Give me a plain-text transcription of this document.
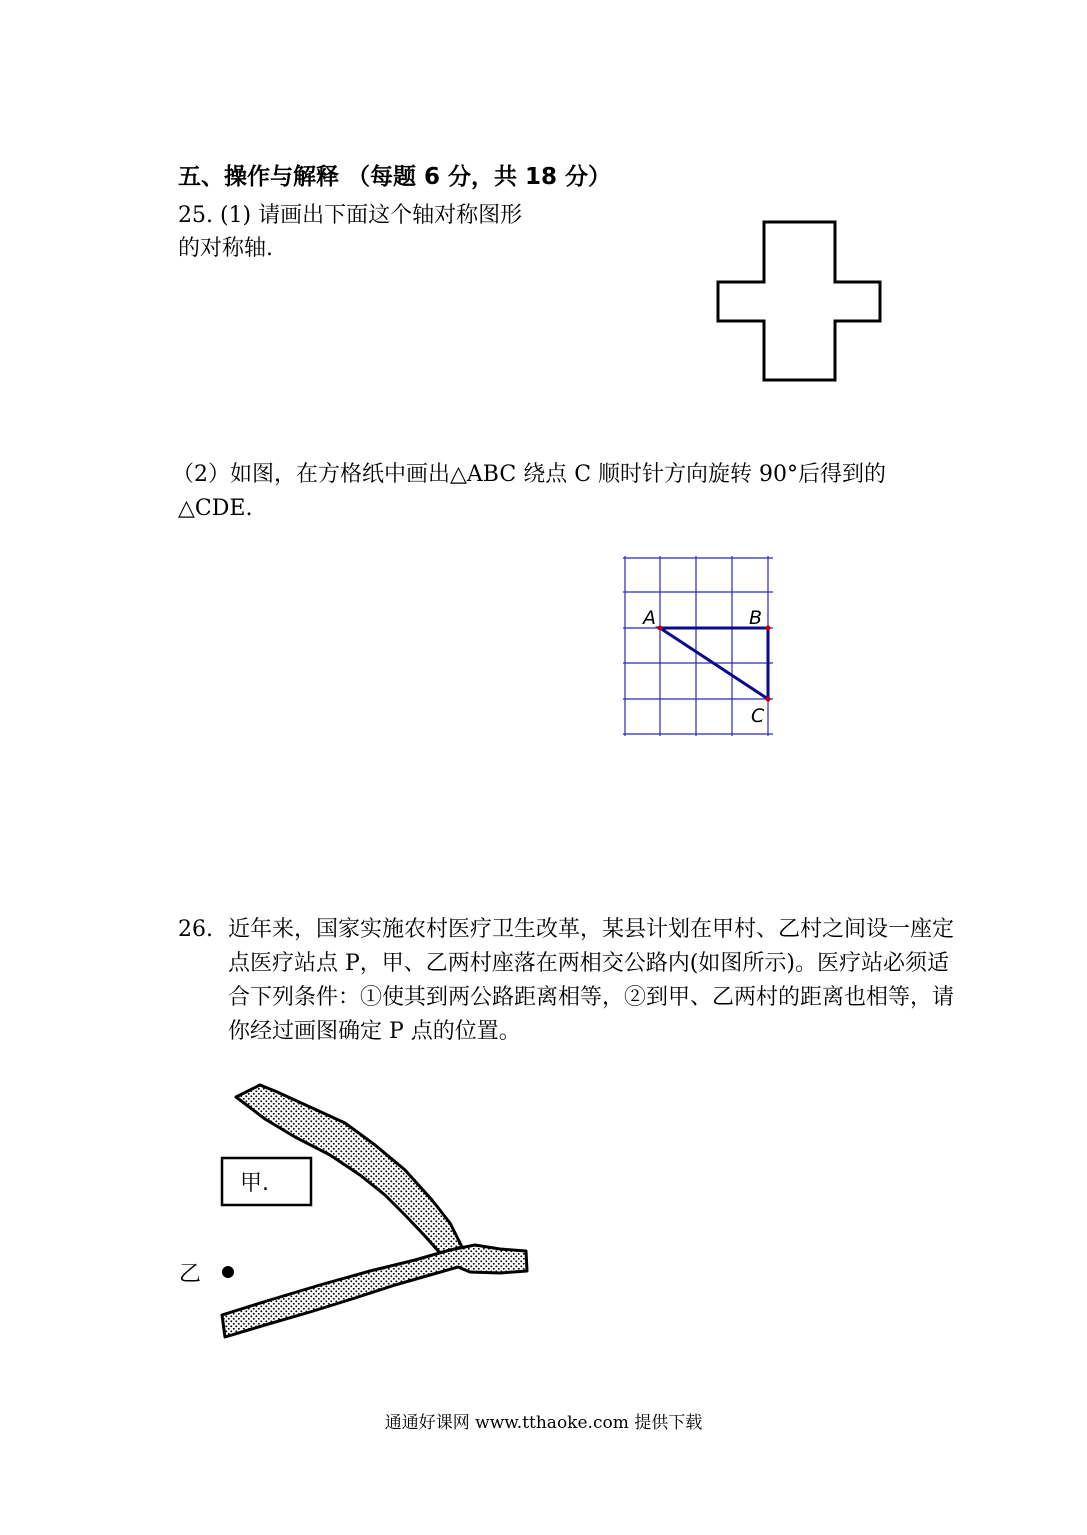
五、操作与解释 （每题 6 分，共 18 分）
25. (1) 请画出下面这个轴对称图形
的对称轴.
（2）如图，在方格纸中画出△ABC 绕点 C 顺时针方向旋转 90°后得到的
△CDE.
A	B
C
26. 近年来，国家实施农村医疗卫生改革，某县计划在甲村、乙村之间设一座定点医疗站点 P，甲、乙两村座落在两相交公路内(如图所示)。医疗站必须适合下列条件：①使其到两公路距离相等，②到甲、乙两村的距离也相等，请你经过画图确定 P 点的位置。
甲.
乙
通通好课网 www.tthaoke.com 提供下载
